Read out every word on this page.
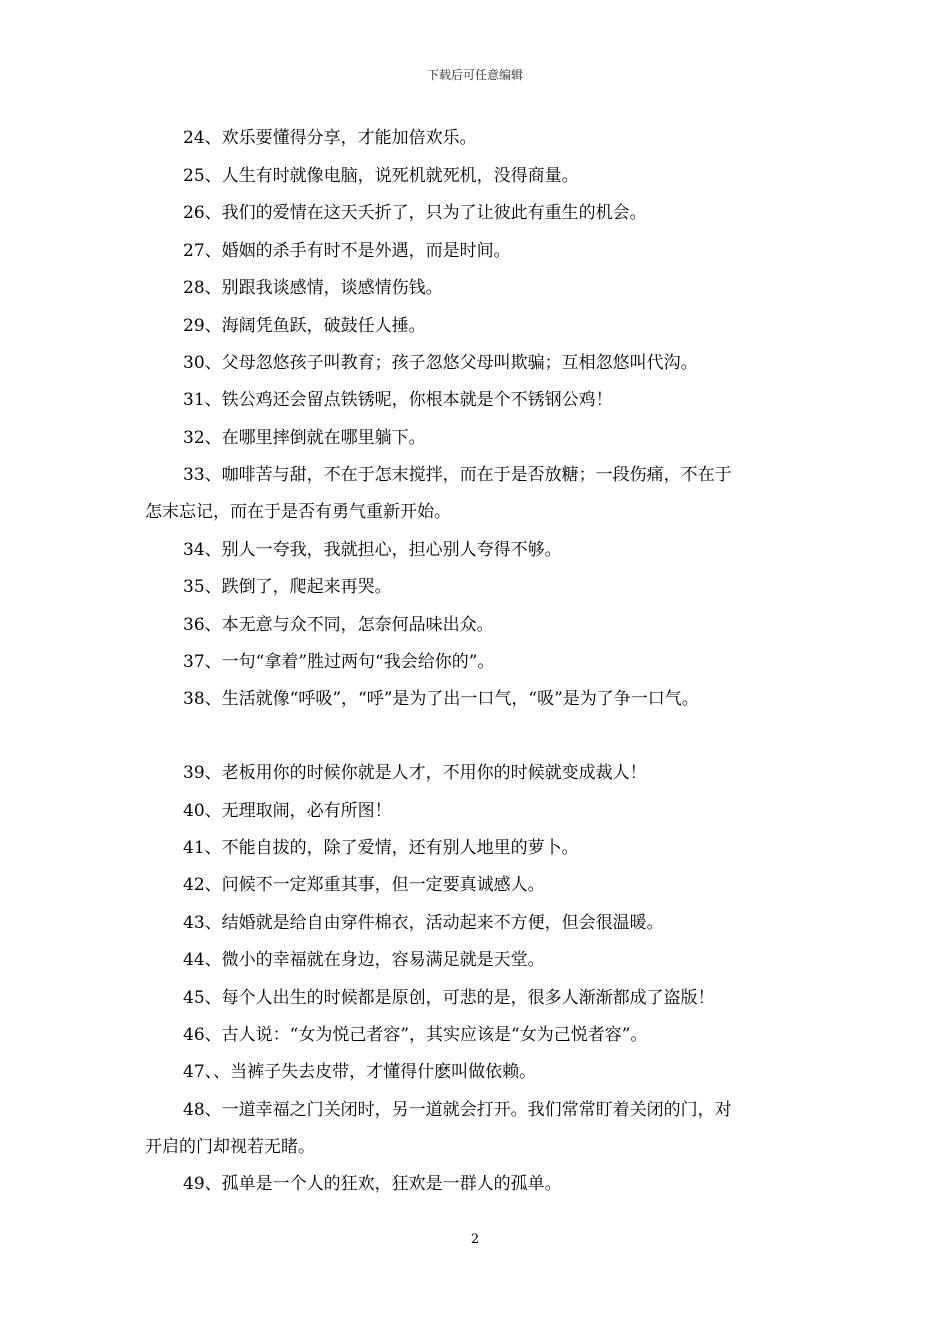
下载后可任意编辑
24、欢乐要懂得分享，才能加倍欢乐。
25、人生有时就像电脑，说死机就死机，没得商量。
26、我们的爱情在这天夭折了，只为了让彼此有重生的机会。
27、婚姻的杀手有时不是外遇，而是时间。
28、别跟我谈感情，谈感情伤钱。
29、海阔凭鱼跃，破鼓任人捶。
30、父母忽悠孩子叫教育；孩子忽悠父母叫欺骗；互相忽悠叫代沟。
31、铁公鸡还会留点铁锈呢，你根本就是个不锈钢公鸡！
32、在哪里摔倒就在哪里躺下。
33、咖啡苦与甜，不在于怎末搅拌，而在于是否放糖；一段伤痛，不在于
怎末忘记，而在于是否有勇气重新开始。
34、别人一夸我，我就担心，担心别人夸得不够。
35、跌倒了，爬起来再哭。
36、本无意与众不同，怎奈何品味出众。
37、一句“拿着”胜过两句“我会给你的”。
38、生活就像“呼吸”，“呼”是为了出一口气，“吸”是为了争一口气。
39、老板用你的时候你就是人才，不用你的时候就变成裁人！
40、无理取闹，必有所图！
41、不能自拔的，除了爱情，还有别人地里的萝卜。
42、问候不一定郑重其事，但一定要真诚感人。
43、结婚就是给自由穿件棉衣，活动起来不方便，但会很温暖。
44、微小的幸福就在身边，容易满足就是天堂。
45、每个人出生的时候都是原创，可悲的是，很多人渐渐都成了盗版！
46、古人说：“女为悦己者容”，其实应该是“女为己悦者容”。
47、、当裤子失去皮带，才懂得什麽叫做依赖。
48、一道幸福之门关闭时，另一道就会打开。我们常常盯着关闭的门，对
开启的门却视若无睹。
49、孤单是一个人的狂欢，狂欢是一群人的孤单。
2
